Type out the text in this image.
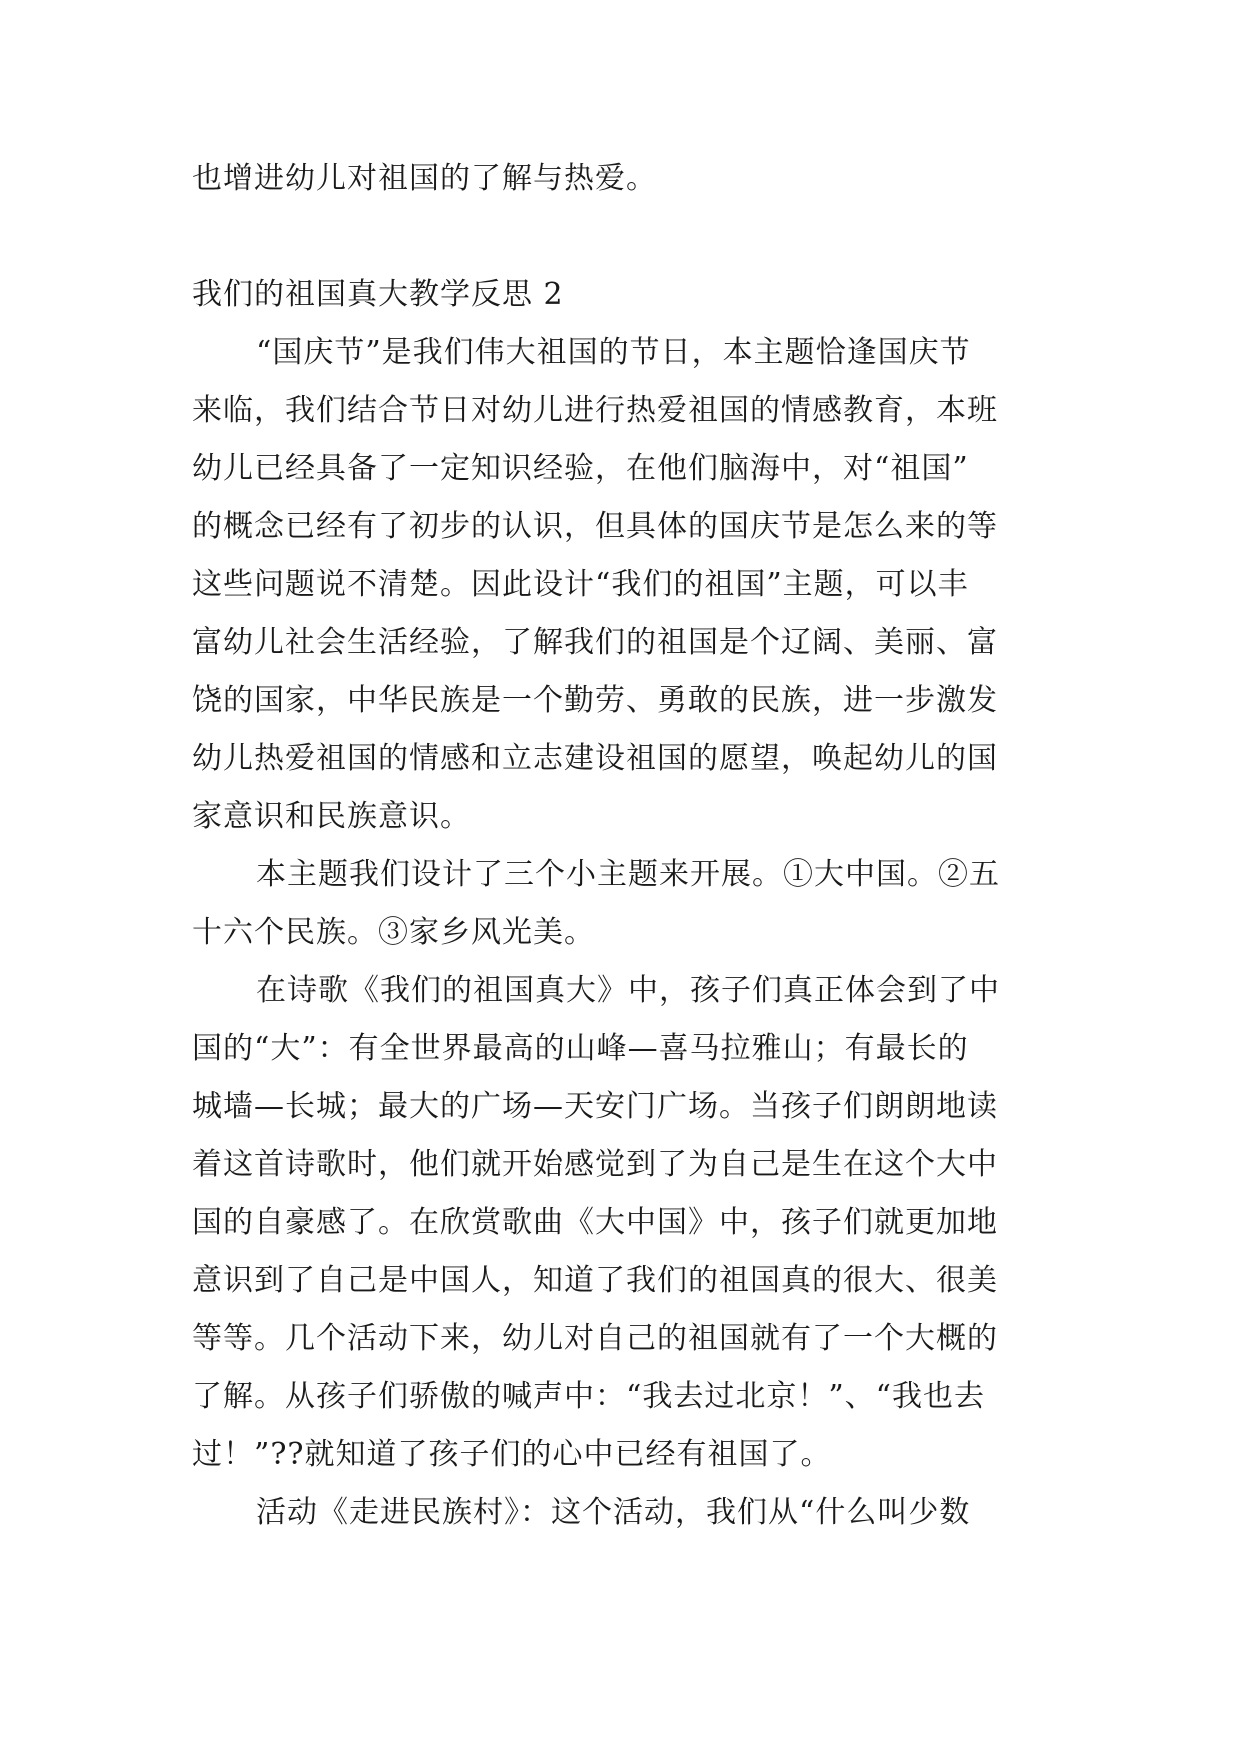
也增进幼儿对祖国的了解与热爱。
我们的祖国真大教学反思 2
“国庆节”是我们伟大祖国的节日，本主题恰逢国庆节
来临，我们结合节日对幼儿进行热爱祖国的情感教育，本班
幼儿已经具备了一定知识经验，在他们脑海中，对“祖国”
的概念已经有了初步的认识，但具体的国庆节是怎么来的等
这些问题说不清楚。因此设计“我们的祖国”主题，可以丰
富幼儿社会生活经验，了解我们的祖国是个辽阔、美丽、富
饶的国家，中华民族是一个勤劳、勇敢的民族，进一步激发
幼儿热爱祖国的情感和立志建设祖国的愿望，唤起幼儿的国
家意识和民族意识。
本主题我们设计了三个小主题来开展。①大中国。②五
十六个民族。③家乡风光美。
在诗歌《我们的祖国真大》中，孩子们真正体会到了中
国的“大”：有全世界最高的山峰—喜马拉雅山；有最长的
城墙—长城；最大的广场—天安门广场。当孩子们朗朗地读
着这首诗歌时，他们就开始感觉到了为自己是生在这个大中
国的自豪感了。在欣赏歌曲《大中国》中，孩子们就更加地
意识到了自己是中国人，知道了我们的祖国真的很大、很美
等等。几个活动下来，幼儿对自己的祖国就有了一个大概的
了解。从孩子们骄傲的喊声中：“我去过北京！”、“我也去
过！”??就知道了孩子们的心中已经有祖国了。
活动《走进民族村》：这个活动，我们从“什么叫少数
